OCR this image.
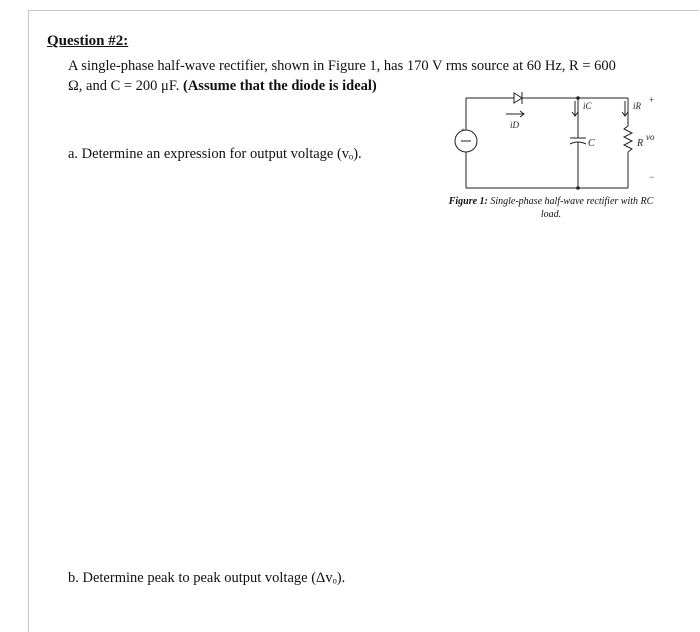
Question #2:
A single-phase half-wave rectifier, shown in Figure 1, has 170 V rms source at 60 Hz, R = 600
Ω, and C = 200 μF. (Assume that the diode is ideal)
a. Determine an expression for output voltage (vₒ).
b. Determine peak to peak output voltage (Δvₒ).
+	iD
iC
C
iR
R
+
vo
−
Figure 1: Single-phase half-wave rectifier with RC load.
